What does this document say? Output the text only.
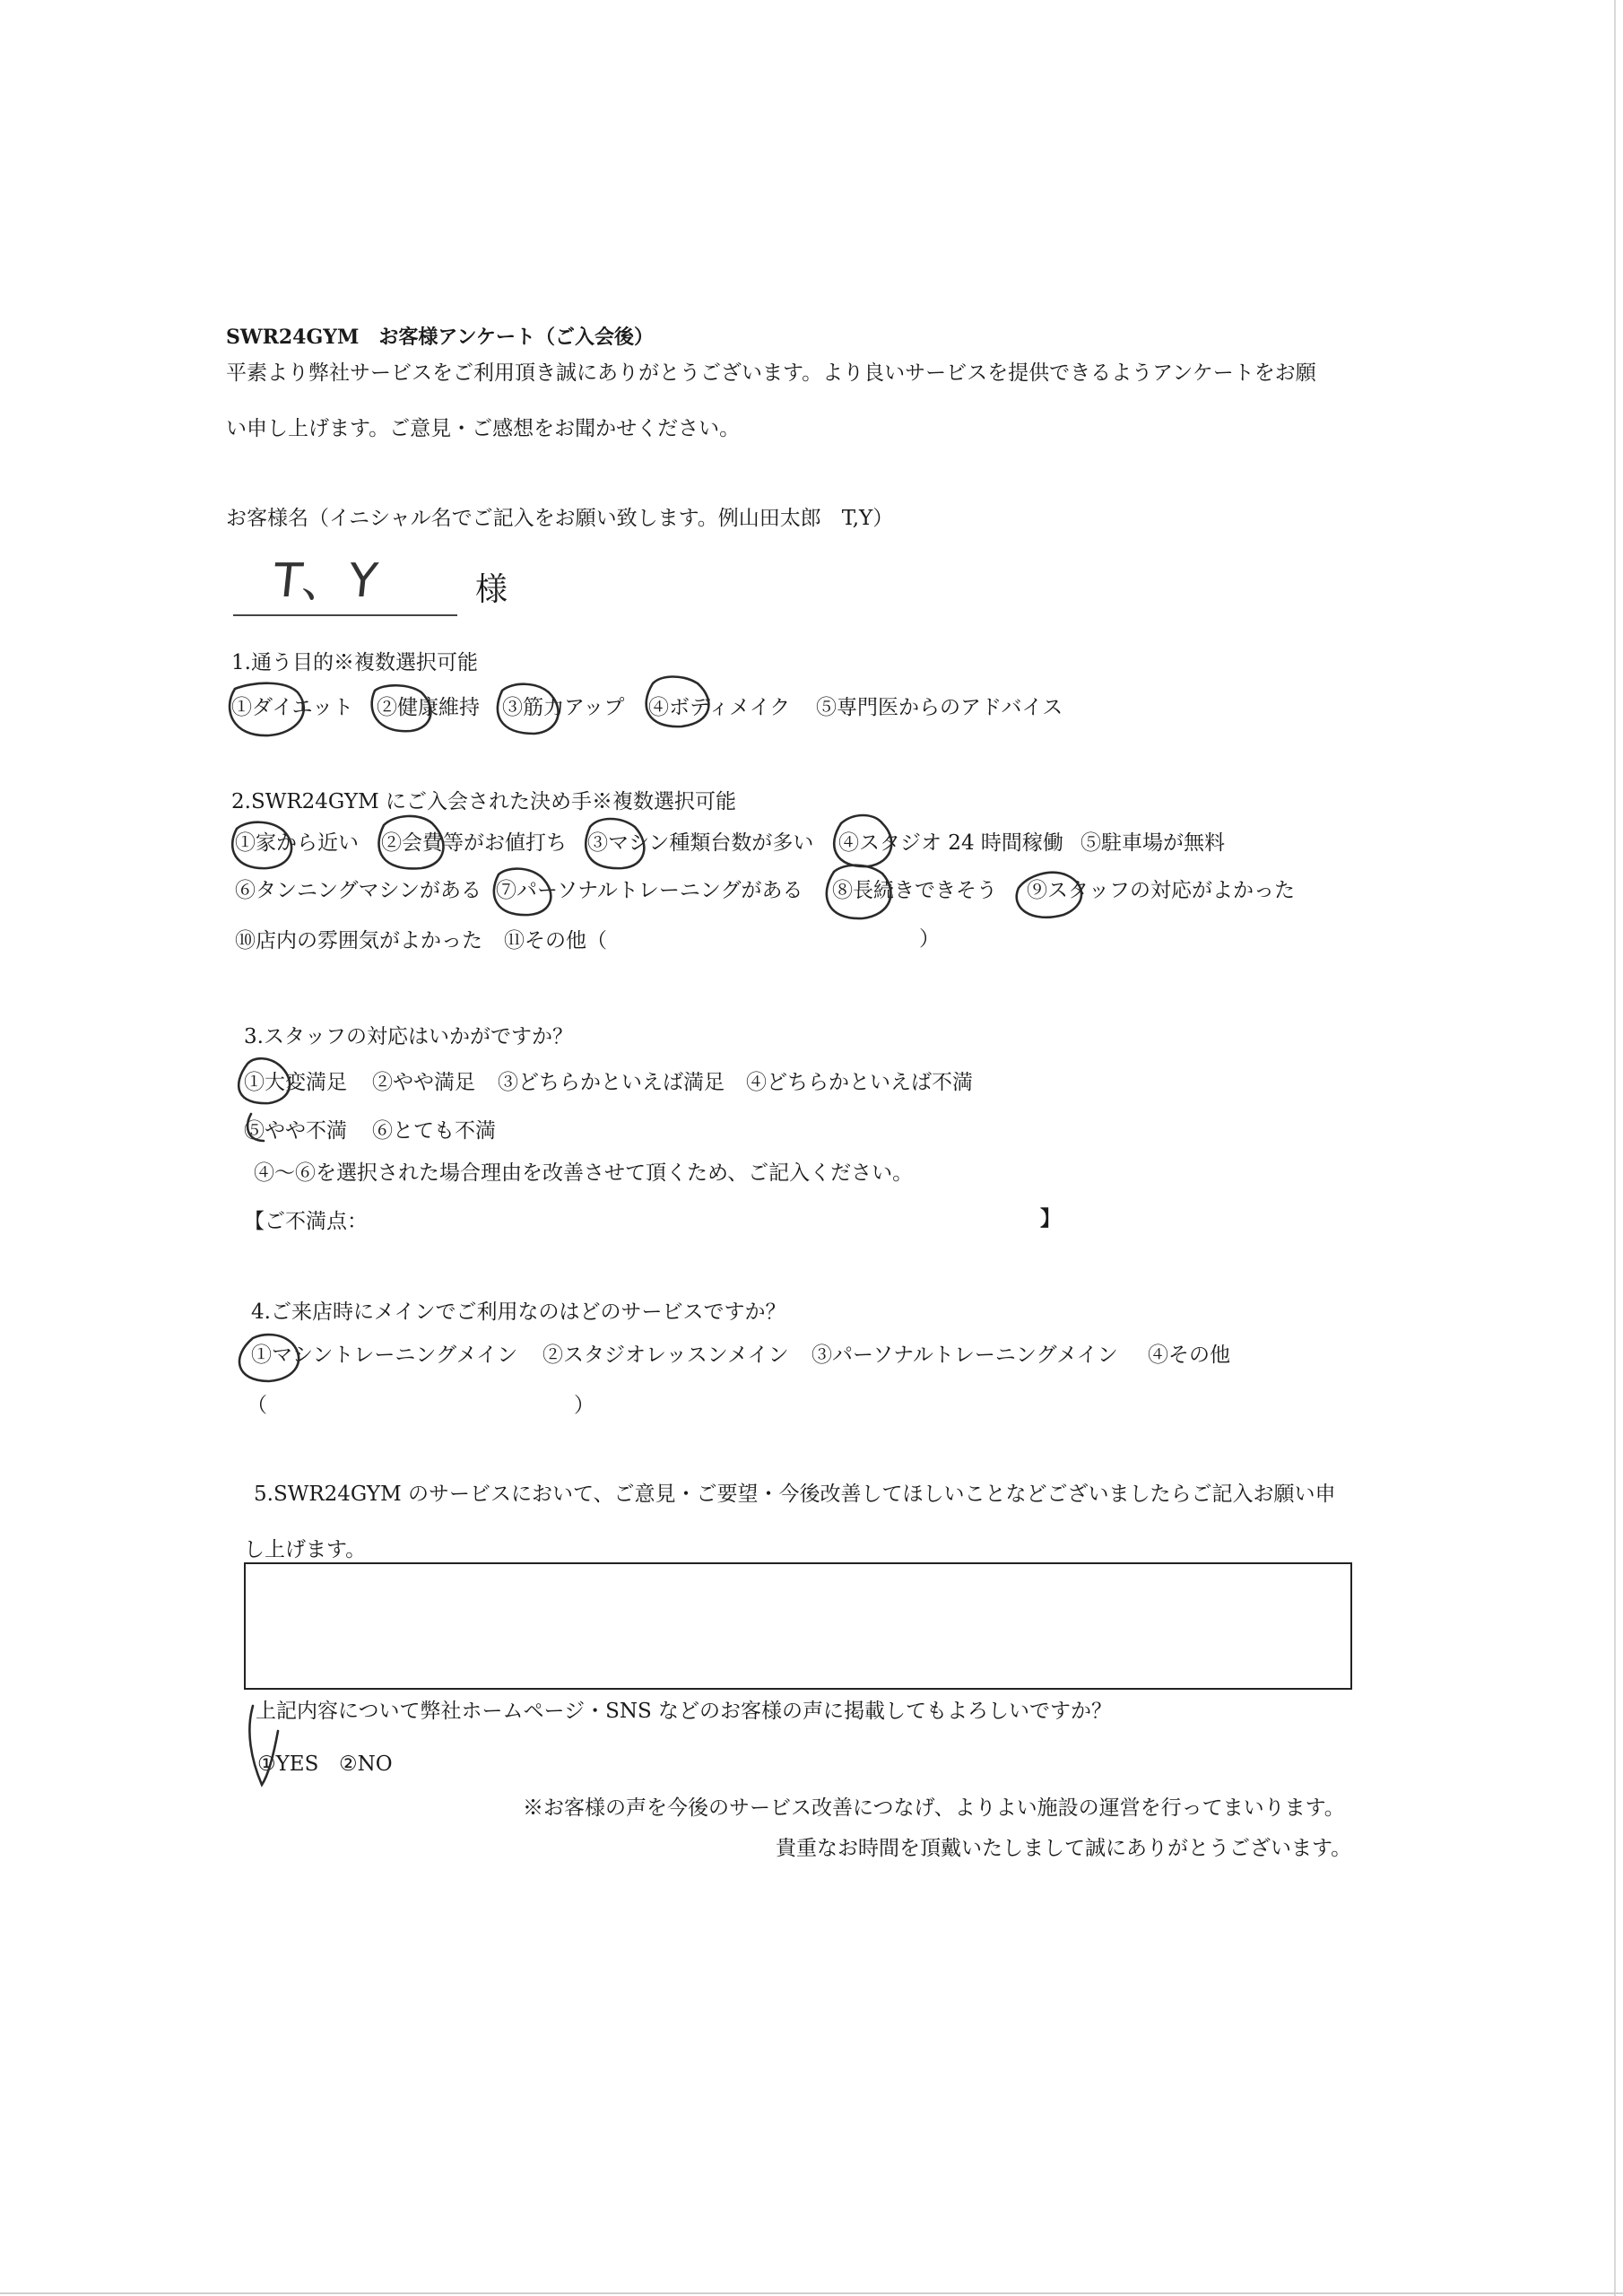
SWR24GYM　お客様アンケート（ご入会後）
平素より弊社サービスをご利用頂き誠にありがとうございます。より良いサービスを提供できるようアンケートをお願
い申し上げます。ご意見・ご感想をお聞かせください。
お客様名（イニシャル名でご記入をお願い致します。例山田太郎　T,Y）
T、Y	様
1.通う目的※複数選択可能
①ダイエット ②健康維持 ③筋力アップ ④ボディメイク ⑤専門医からのアドバイス
2.SWR24GYM にご入会された決め手※複数選択可能
①家から近い ②会費等がお値打ち ③マシン種類台数が多い ④スタジオ 24 時間稼働 ⑤駐車場が無料
⑥タンニングマシンがある ⑦パーソナルトレーニングがある ⑧長続きできそう ⑨スタッフの対応がよかった
⑩店内の雰囲気がよかった ⑪その他（	）
3.スタッフの対応はいかがですか？
①大変満足 ②やや満足 ③どちらかといえば満足 ④どちらかといえば不満
⑤やや不満 ⑥とても不満
④～⑥を選択された場合理由を改善させて頂くため、ご記入ください。
【ご不満点：	】
4.ご来店時にメインでご利用なのはどのサービスですか？
①マシントレーニングメイン ②スタジオレッスンメイン ③パーソナルトレーニングメイン ④その他
（	）
5.SWR24GYM のサービスにおいて、ご意見・ご要望・今後改善してほしいことなどございましたらご記入お願い申
し上げます。
上記内容について弊社ホームページ・SNS などのお客様の声に掲載してもよろしいですか？
①YES ②NO
※お客様の声を今後のサービス改善につなげ、よりよい施設の運営を行ってまいります。
貴重なお時間を頂戴いたしまして誠にありがとうございます。
